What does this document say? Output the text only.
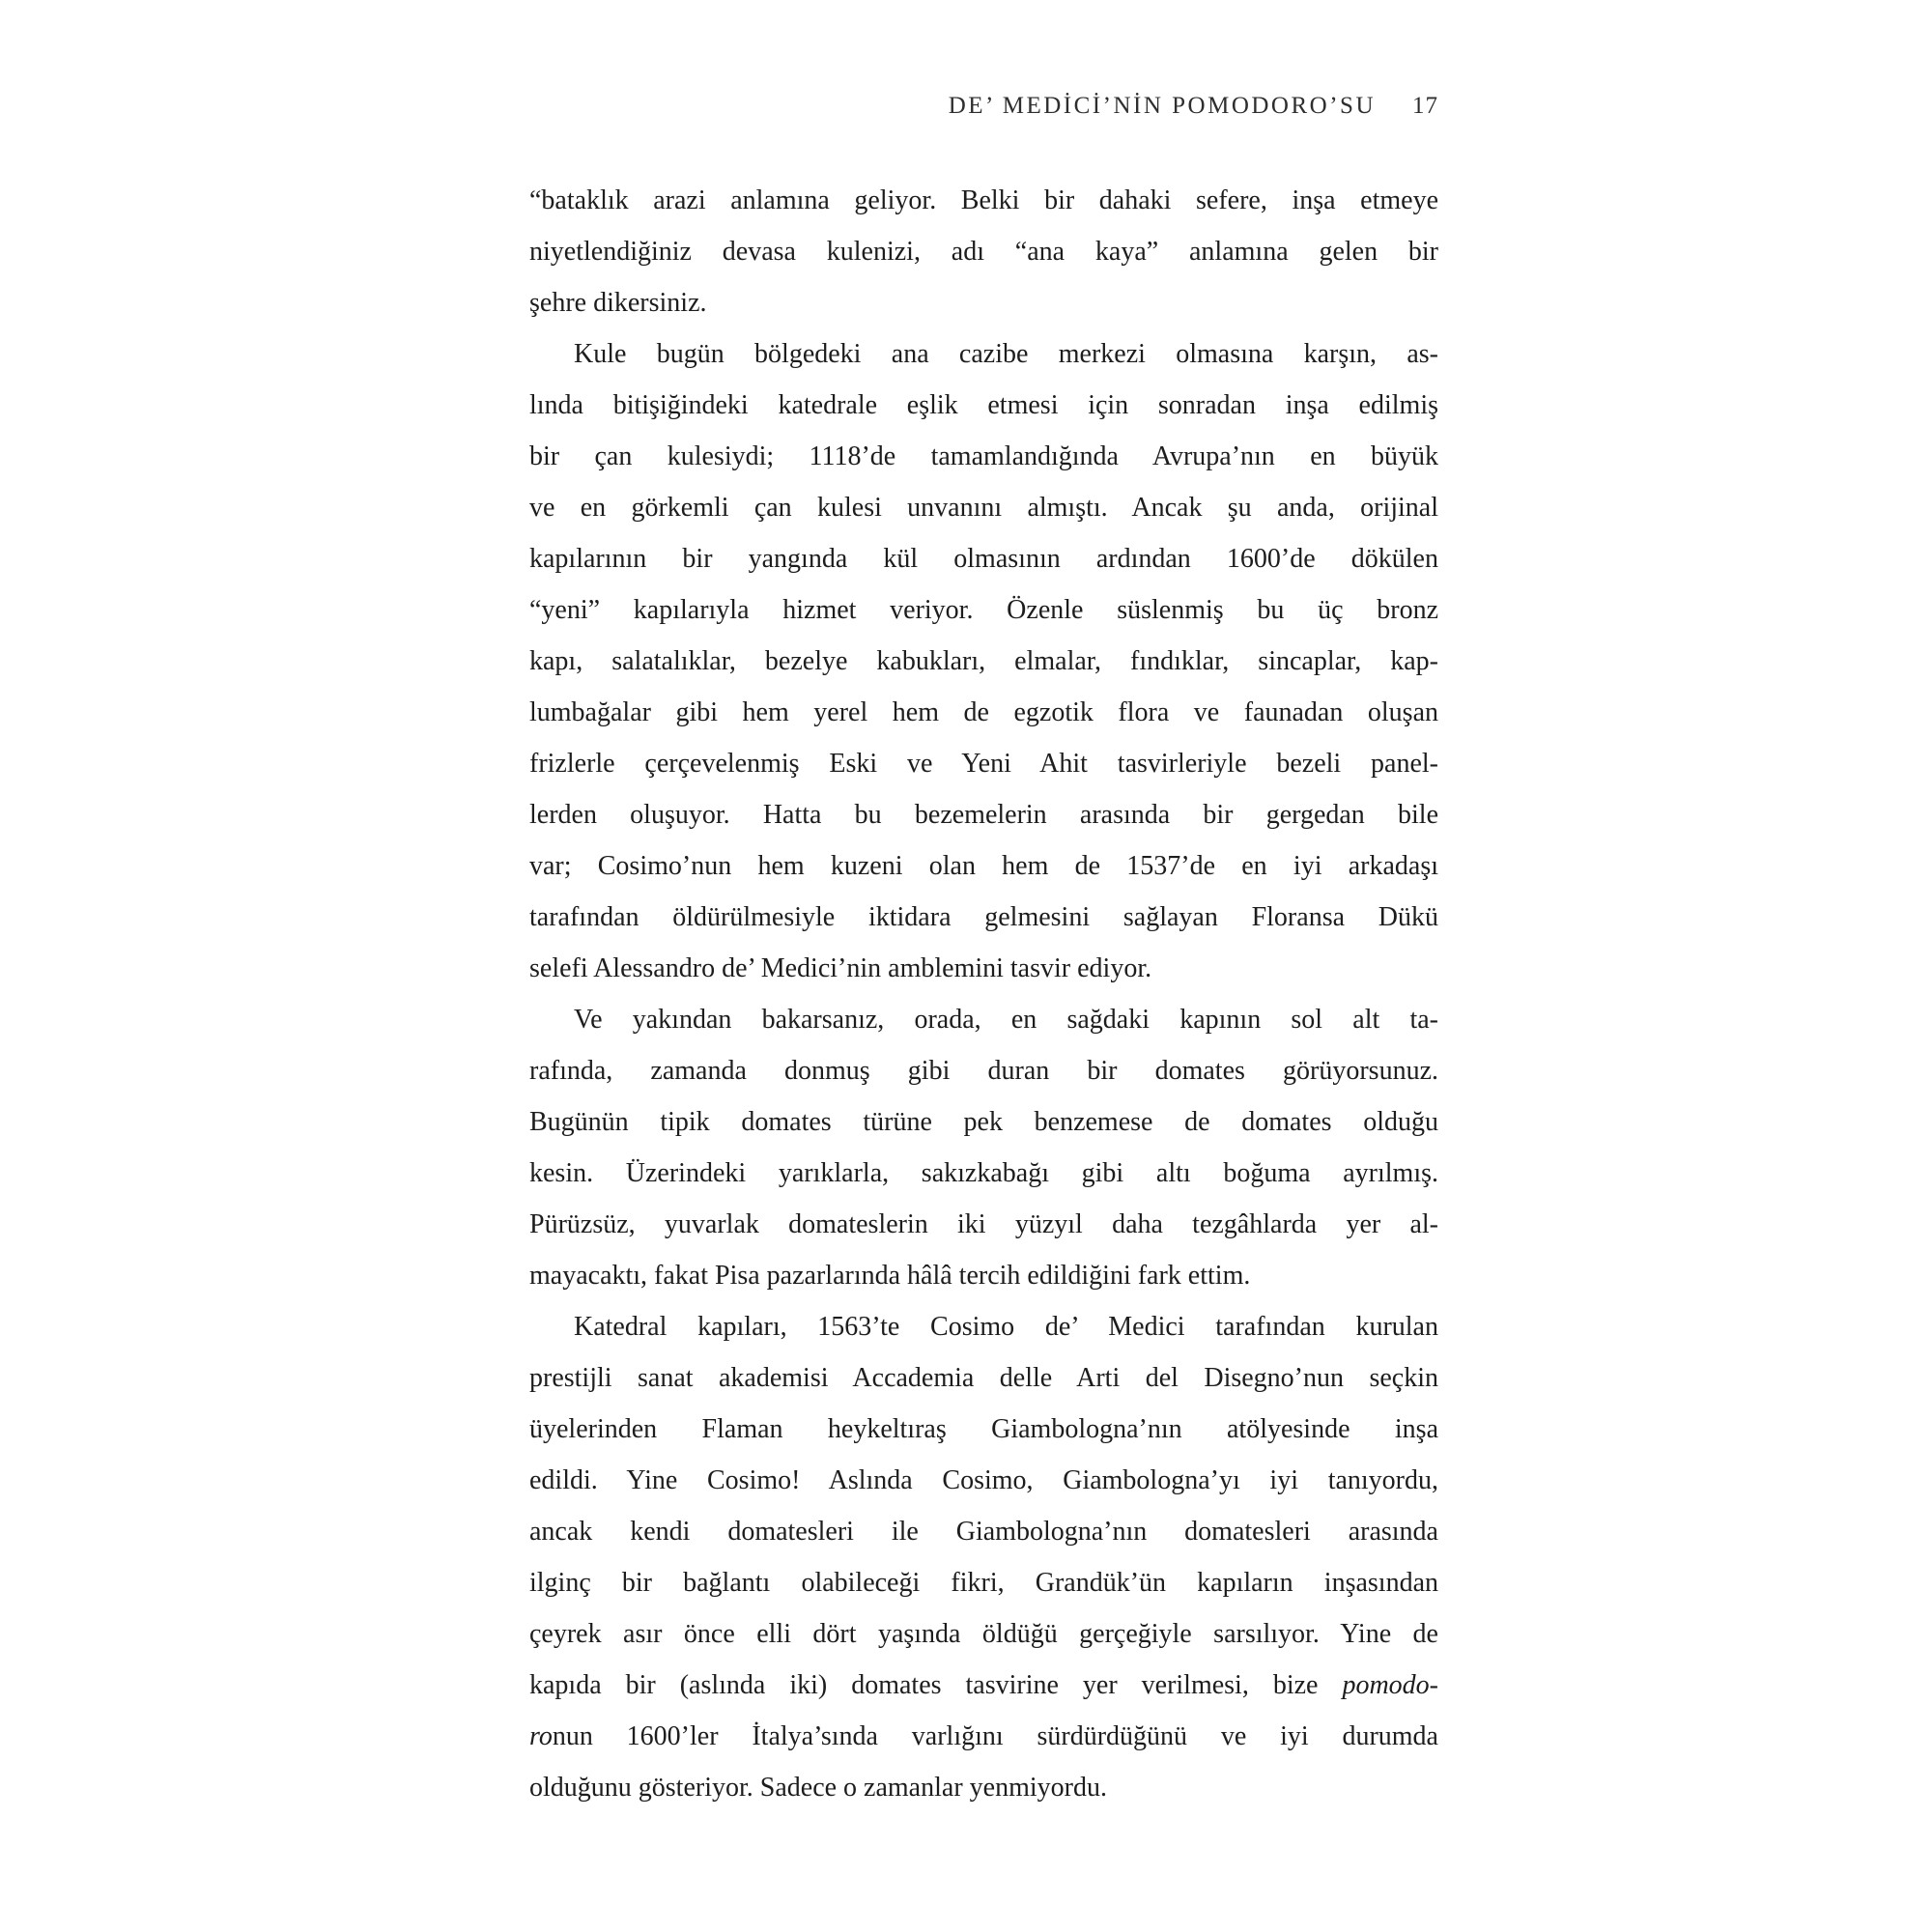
DE’ MEDİCİ’NİN POMODORO’SU 17
“bataklık arazi anlamına geliyor. Belki bir dahaki sefere, inşa etmeye
niyetlendiğiniz devasa kulenizi, adı “ana kaya” anlamına gelen bir
şehre dikersiniz.
Kule bugün bölgedeki ana cazibe merkezi olmasına karşın, as-
lında bitişiğindeki katedrale eşlik etmesi için sonradan inşa edilmiş
bir çan kulesiydi; 1118’de tamamlandığında Avrupa’nın en büyük
ve en görkemli çan kulesi unvanını almıştı. Ancak şu anda, orijinal
kapılarının bir yangında kül olmasının ardından 1600’de dökülen
“yeni” kapılarıyla hizmet veriyor. Özenle süslenmiş bu üç bronz
kapı, salatalıklar, bezelye kabukları, elmalar, fındıklar, sincaplar, kap-
lumbağalar gibi hem yerel hem de egzotik flora ve faunadan oluşan
frizlerle çerçevelenmiş Eski ve Yeni Ahit tasvirleriyle bezeli panel-
lerden oluşuyor. Hatta bu bezemelerin arasında bir gergedan bile
var; Cosimo’nun hem kuzeni olan hem de 1537’de en iyi arkadaşı
tarafından öldürülmesiyle iktidara gelmesini sağlayan Floransa Dükü
selefi Alessandro de’ Medici’nin amblemini tasvir ediyor.
Ve yakından bakarsanız, orada, en sağdaki kapının sol alt ta-
rafında, zamanda donmuş gibi duran bir domates görüyorsunuz.
Bugünün tipik domates türüne pek benzemese de domates olduğu
kesin. Üzerindeki yarıklarla, sakızkabağı gibi altı boğuma ayrılmış.
Pürüzsüz, yuvarlak domateslerin iki yüzyıl daha tezgâhlarda yer al-
mayacaktı, fakat Pisa pazarlarında hâlâ tercih edildiğini fark ettim.
Katedral kapıları, 1563’te Cosimo de’ Medici tarafından kurulan
prestijli sanat akademisi Accademia delle Arti del Disegno’nun seçkin
üyelerinden Flaman heykeltıraş Giambologna’nın atölyesinde inşa
edildi. Yine Cosimo! Aslında Cosimo, Giambologna’yı iyi tanıyordu,
ancak kendi domatesleri ile Giambologna’nın domatesleri arasında
ilginç bir bağlantı olabileceği fikri, Grandük’ün kapıların inşasından
çeyrek asır önce elli dört yaşında öldüğü gerçeğiyle sarsılıyor. Yine de
kapıda bir (aslında iki) domates tasvirine yer verilmesi, bize pomodo-
ronun 1600’ler İtalya’sında varlığını sürdürdüğünü ve iyi durumda
olduğunu gösteriyor. Sadece o zamanlar yenmiyordu.
